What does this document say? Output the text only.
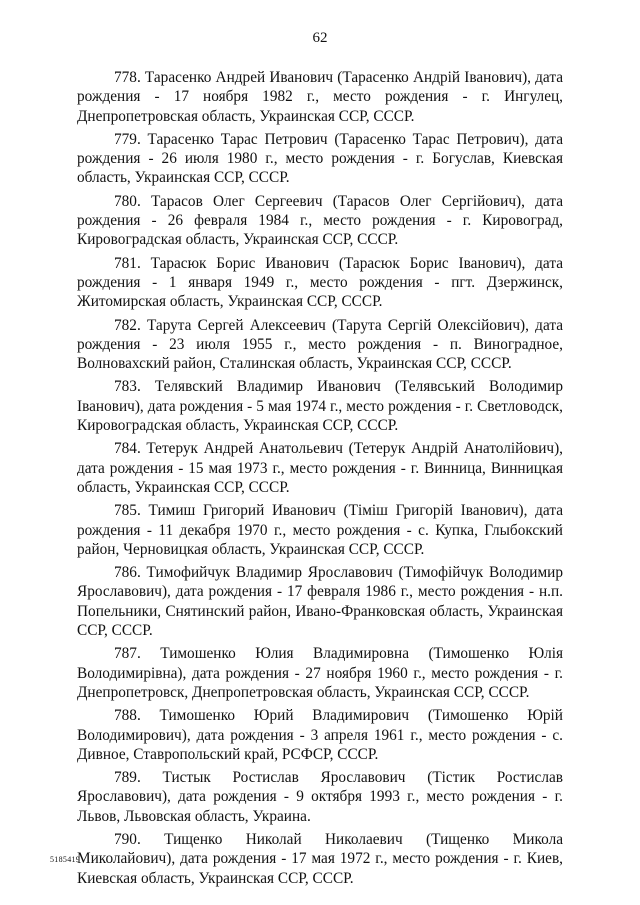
62

778. Тарасенко Андрей Иванович (Тарасенко Андрій Іванович), дата рождения - 17 ноября 1982 г., место рождения - г. Ингулец, Днепропетровская область, Украинская ССР, СССР.

779. Тарасенко Тарас Петрович (Тарасенко Тарас Петрович), дата рождения - 26 июля 1980 г., место рождения - г. Богуслав, Киевская область, Украинская ССР, СССР.

780. Тарасов Олег Сергеевич (Тарасов Олег Сергійович), дата рождения - 26 февраля 1984 г., место рождения - г. Кировоград, Кировоградская область, Украинская ССР, СССР.

781. Тарасюк Борис Иванович (Тарасюк Борис Іванович), дата рождения - 1 января 1949 г., место рождения - пгт. Дзержинск, Житомирская область, Украинская ССР, СССР.

782. Тарута Сергей Алексеевич (Тарута Сергій Олексійович), дата рождения - 23 июля 1955 г., место рождения - п. Виноградное, Волновахский район, Сталинская область, Украинская ССР, СССР.

783. Телявский Владимир Иванович (Телявський Володимир Іванович), дата рождения - 5 мая 1974 г., место рождения - г. Светловодск, Кировоградская область, Украинская ССР, СССР.

784. Тетерук Андрей Анатольевич (Тетерук Андрій Анатолійович), дата рождения - 15 мая 1973 г., место рождения - г. Винница, Винницкая область, Украинская ССР, СССР.

785. Тимиш Григорий Иванович (Тіміш Григорій Іванович), дата рождения - 11 декабря 1970 г., место рождения - с. Купка, Глыбокский район, Черновицкая область, Украинская ССР, СССР.

786. Тимофийчук Владимир Ярославович (Тимофійчук Володимир Ярославович), дата рождения - 17 февраля 1986 г., место рождения - н.п. Попельники, Снятинский район, Ивано-Франковская область, Украинская ССР, СССР.

787. Тимошенко Юлия Владимировна (Тимошенко Юлія Володимирівна), дата рождения - 27 ноября 1960 г., место рождения - г. Днепропетровск, Днепропетровская область, Украинская ССР, СССР.

788. Тимошенко Юрий Владимирович (Тимошенко Юрій Володимирович), дата рождения - 3 апреля 1961 г., место рождения - с. Дивное, Ставропольский край, РСФСР, СССР.

789. Тистык Ростислав Ярославович (Тістик Ростислав Ярославович), дата рождения - 9 октября 1993 г., место рождения - г. Львов, Львовская область, Украина.

790. Тищенко Николай Николаевич (Тищенко Микола Миколайович), дата рождения - 17 мая 1972 г., место рождения - г. Киев, Киевская область, Украинская ССР, СССР.

5185419
